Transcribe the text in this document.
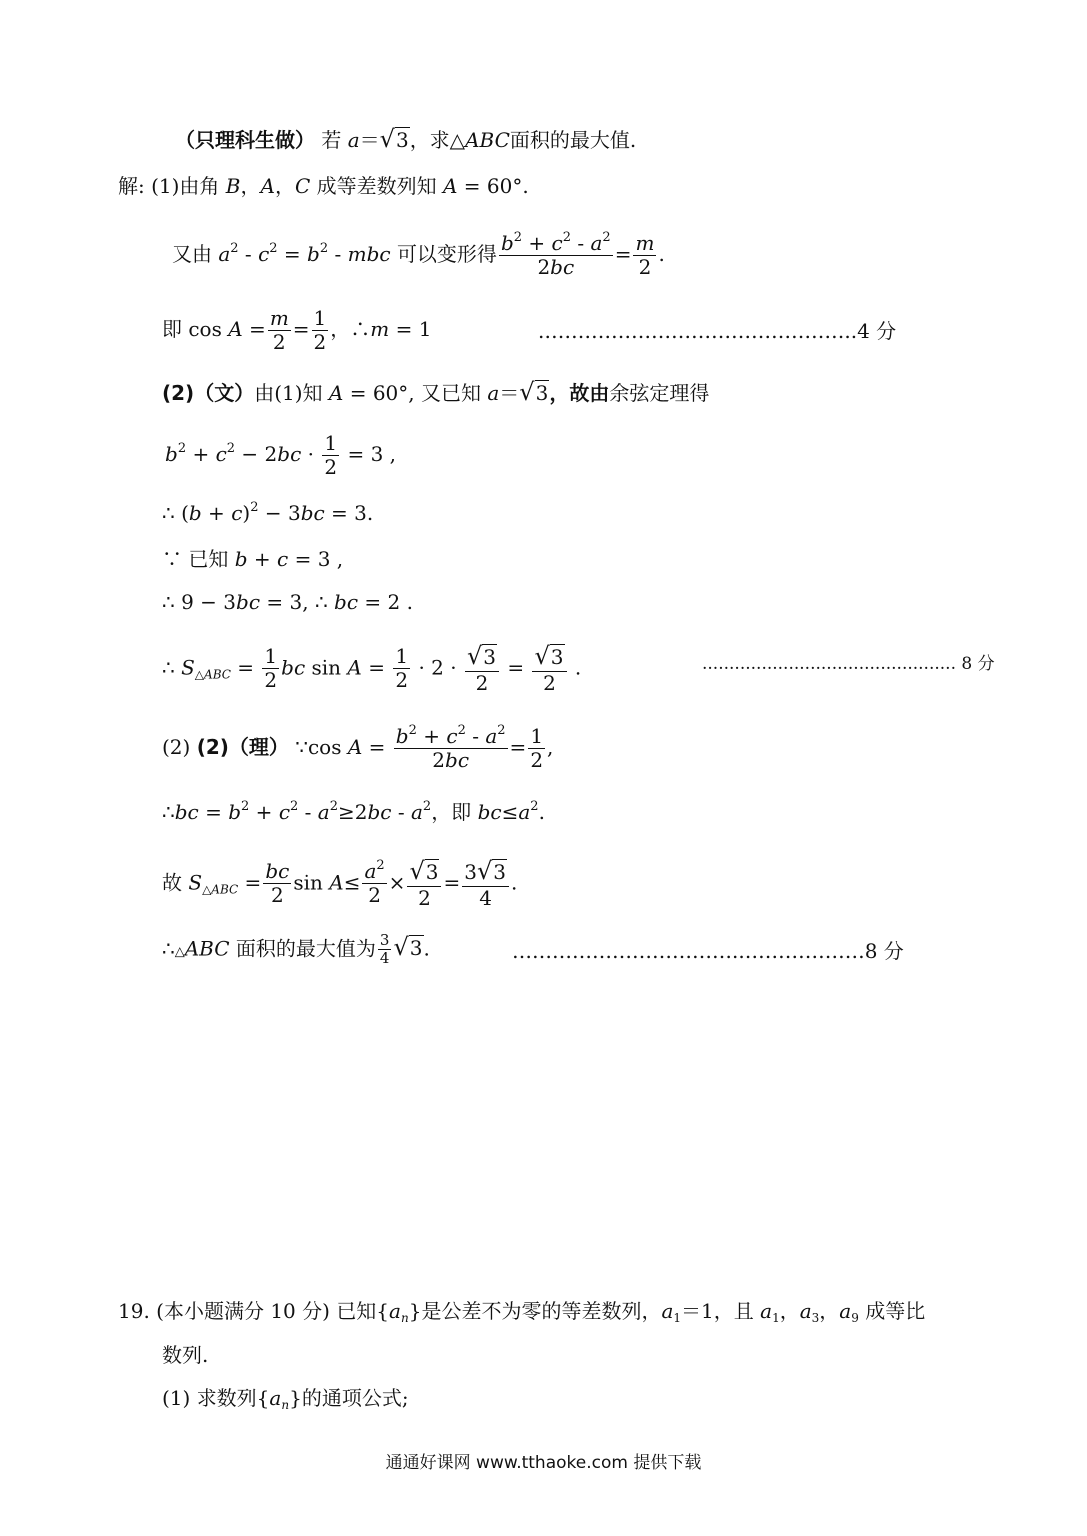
（只理科生做） 若 a＝√3，求△ABC面积的最大值.
解: (1)由角 B，A，C 成等差数列知 A = 60°.
又由 $a^2 - c^2 = b^2$ - mbc 可以变形得 $\frac{b^2 + c^2 - a^2}{2bc} = \frac{m}{2}$ .
即 $\cos A = \frac{m}{2} = \frac{1}{2}$ ，∴m = 1	.………………………………………..4 分
(2)（文）由(1)知 A = 60°, 又已知 a＝√3，故由余弦定理得
$b^2 + c^2 - 2bc \cdot \frac{1}{2} = 3$ ,
∴ $(b + c)^2 - 3bc = 3$.
∵ 已知 b + c = 3 ,
∴ 9 − 3bc = 3, ∴ bc = 2 .
∴ $S_{\triangle ABC} = \frac{1}{2}$ bc $\sin A = \frac{1}{2} \cdot 2 \cdot \frac{√3}{2} = \frac{√3}{2}$ .	............................................... 8 分
(2) (2)（理） ∵cos $A = \frac{b^2 + c^2 - a^2}{2bc} = \frac{1}{2}$ ,
∴bc = $b^2 + c^2 - a^2\ge 2bc - a^2$，即 $bc\le a^2$.
故 $S_{\triangle ABC} = \frac{bc}{2}$ $\sin A\le \frac{a^2}{2} \times \frac{√3}{2} = \frac{3√3}{4}$ .
∴△ABC 面积的最大值为 $\frac{3}{4} √3$.	……………………………..………………8 分
19. (本小题满分 10 分) 已知$\{a_n\}$是公差不为零的等差数列，$a_1=1$，且 $a_1$，$a_3$，$a_9$ 成等比
数列.
(1) 求数列$\{a_n\}$的通项公式;
通通好课网 www.tthaoke.com 提供下载
